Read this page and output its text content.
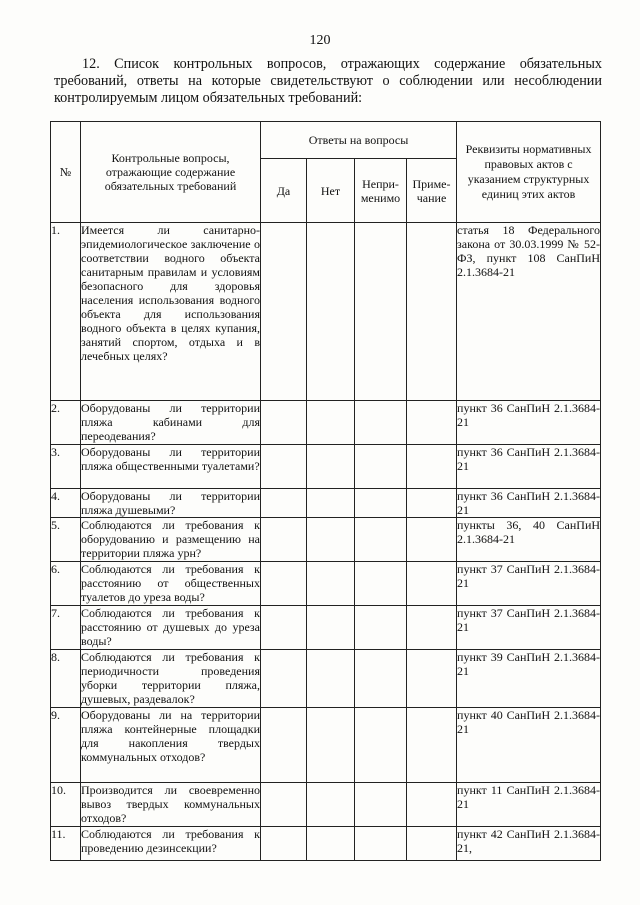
120
12. Список контрольных вопросов, отражающих содержание обязательных требований, ответы на которые свидетельствуют о соблюдении или несоблюдении контролируемым лицом обязательных требований:
№	Контрольные вопросы, отражающие содержание обязательных требований	Ответы на вопросы				Реквизиты нормативных правовых актов с указанием структурных единиц этих актов
		Да	Нет	Непри-менимо	Приме-чание	
1.	Имеется ли санитарно-эпидемиологическое заключение о соответствии водного объекта санитарным правилам и условиям безопасного для здоровья населения использования водного объекта для использования водного объекта в целях купания, занятий спортом, отдыха и в лечебных целях?					статья 18 Федерального закона от 30.03.1999 № 52-ФЗ, пункт 108 СанПиН 2.1.3684-21
2.	Оборудованы ли территории пляжа кабинами для переодевания?					пункт 36 СанПиН 2.1.3684-21
3.	Оборудованы ли территории пляжа общественными туалетами?					пункт 36 СанПиН 2.1.3684-21
4.	Оборудованы ли территории пляжа душевыми?					пункт 36 СанПиН 2.1.3684-21
5.	Соблюдаются ли требования к оборудованию и размещению на территории пляжа урн?					пункты 36, 40 СанПиН 2.1.3684-21
6.	Соблюдаются ли требования к расстоянию от общественных туалетов до уреза воды?					пункт 37 СанПиН 2.1.3684-21
7.	Соблюдаются ли требования к расстоянию от душевых до уреза воды?					пункт 37 СанПиН 2.1.3684-21
8.	Соблюдаются ли требования к периодичности проведения уборки территории пляжа, душевых, раздевалок?					пункт 39 СанПиН 2.1.3684-21
9.	Оборудованы ли на территории пляжа контейнерные площадки для накопления твердых коммунальных отходов?					пункт 40 СанПиН 2.1.3684-21
10.	Производится ли своевременно вывоз твердых коммунальных отходов?					пункт 11 СанПиН 2.1.3684-21
11.	Соблюдаются ли требования к проведению дезинсекции?					пункт 42 СанПиН 2.1.3684-21,
